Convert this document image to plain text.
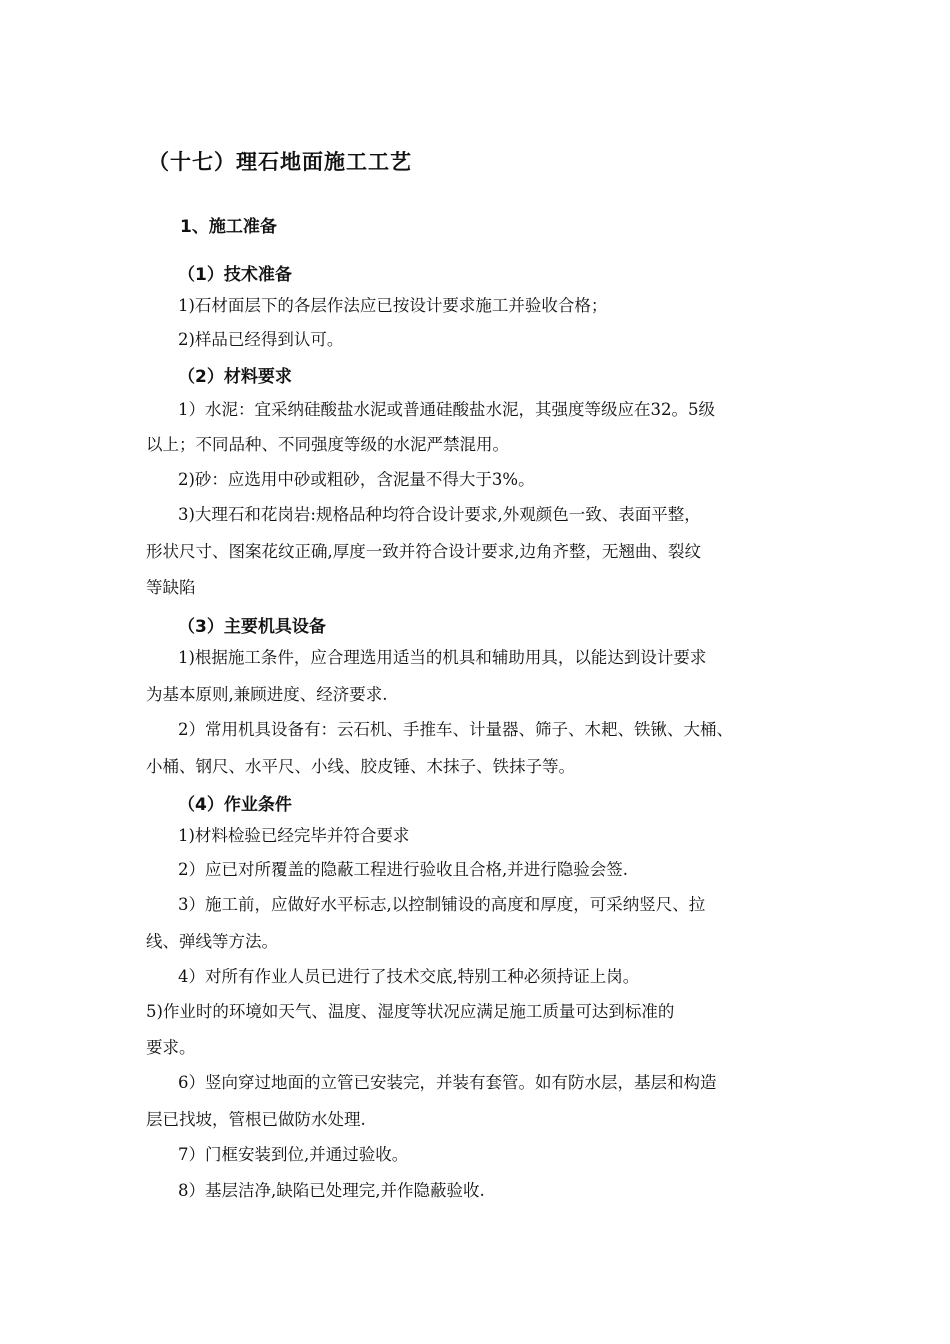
（十七）理石地面施工工艺
1、施工准备
（1）技术准备
1)石材面层下的各层作法应已按设计要求施工并验收合格；
2)样品已经得到认可。
（2）材料要求
1）水泥：宜采纳硅酸盐水泥或普通硅酸盐水泥，其强度等级应在32。5级
以上；不同品种、不同强度等级的水泥严禁混用。
2)砂：应选用中砂或粗砂，含泥量不得大于3%。
3)大理石和花岗岩:规格品种均符合设计要求,外观颜色一致、表面平整，
形状尺寸、图案花纹正确,厚度一致并符合设计要求,边角齐整，无翘曲、裂纹
等缺陷
（3）主要机具设备
1)根据施工条件，应合理选用适当的机具和辅助用具，以能达到设计要求
为基本原则,兼顾进度、经济要求.
2）常用机具设备有：云石机、手推车、计量器、筛子、木耙、铁锹、大桶、
小桶、钢尺、水平尺、小线、胶皮锤、木抹子、铁抹子等。
（4）作业条件
1)材料检验已经完毕并符合要求
2）应已对所覆盖的隐蔽工程进行验收且合格,并进行隐验会签.
3）施工前，应做好水平标志,以控制铺设的高度和厚度，可采纳竖尺、拉
线、弹线等方法。
4）对所有作业人员已进行了技术交底,特别工种必须持证上岗。
5)作业时的环境如天气、温度、湿度等状况应满足施工质量可达到标准的
要求。
6）竖向穿过地面的立管已安装完，并装有套管。如有防水层，基层和构造
层已找坡，管根已做防水处理.
7）门框安装到位,并通过验收。
8）基层洁净,缺陷已处理完,并作隐蔽验收.
